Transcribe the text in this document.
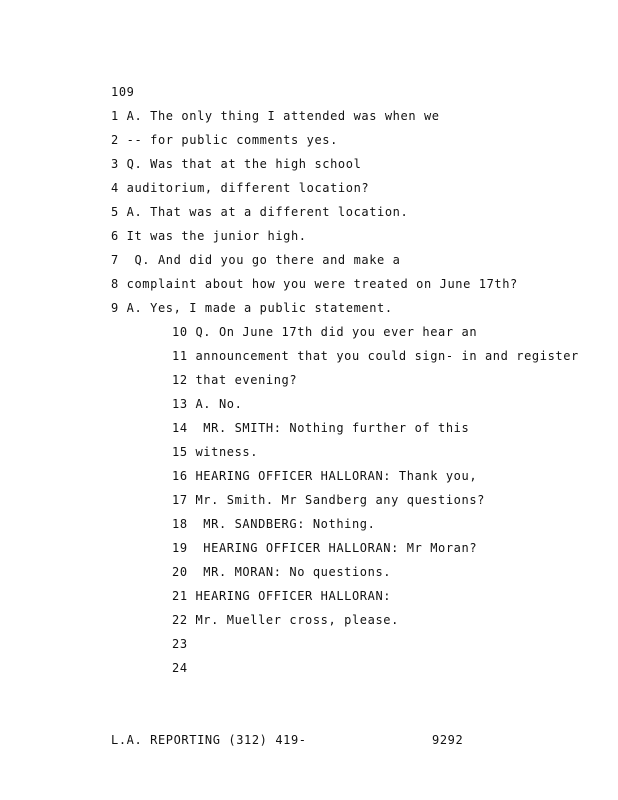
109
1 A. The only thing I attended was when we
2 -- for public comments yes.
3 Q. Was that at the high school
4 auditorium, different location?
5 A. That was at a different location.
6 It was the junior high.
7  Q. And did you go there and make a
8 complaint about how you were treated on June 17th?
9 A. Yes, I made a public statement.
10 Q. On June 17th did you ever hear an
11 announcement that you could sign- in and register
12 that evening?
13 A. No.
14  MR. SMITH: Nothing further of this
15 witness.
16 HEARING OFFICER HALLORAN: Thank you,
17 Mr. Smith. Mr Sandberg any questions?
18  MR. SANDBERG: Nothing.
19  HEARING OFFICER HALLORAN: Mr Moran?
20  MR. MORAN: No questions.
21 HEARING OFFICER HALLORAN:
22 Mr. Mueller cross, please.
23
24
L.A. REPORTING (312) 419-	9292
